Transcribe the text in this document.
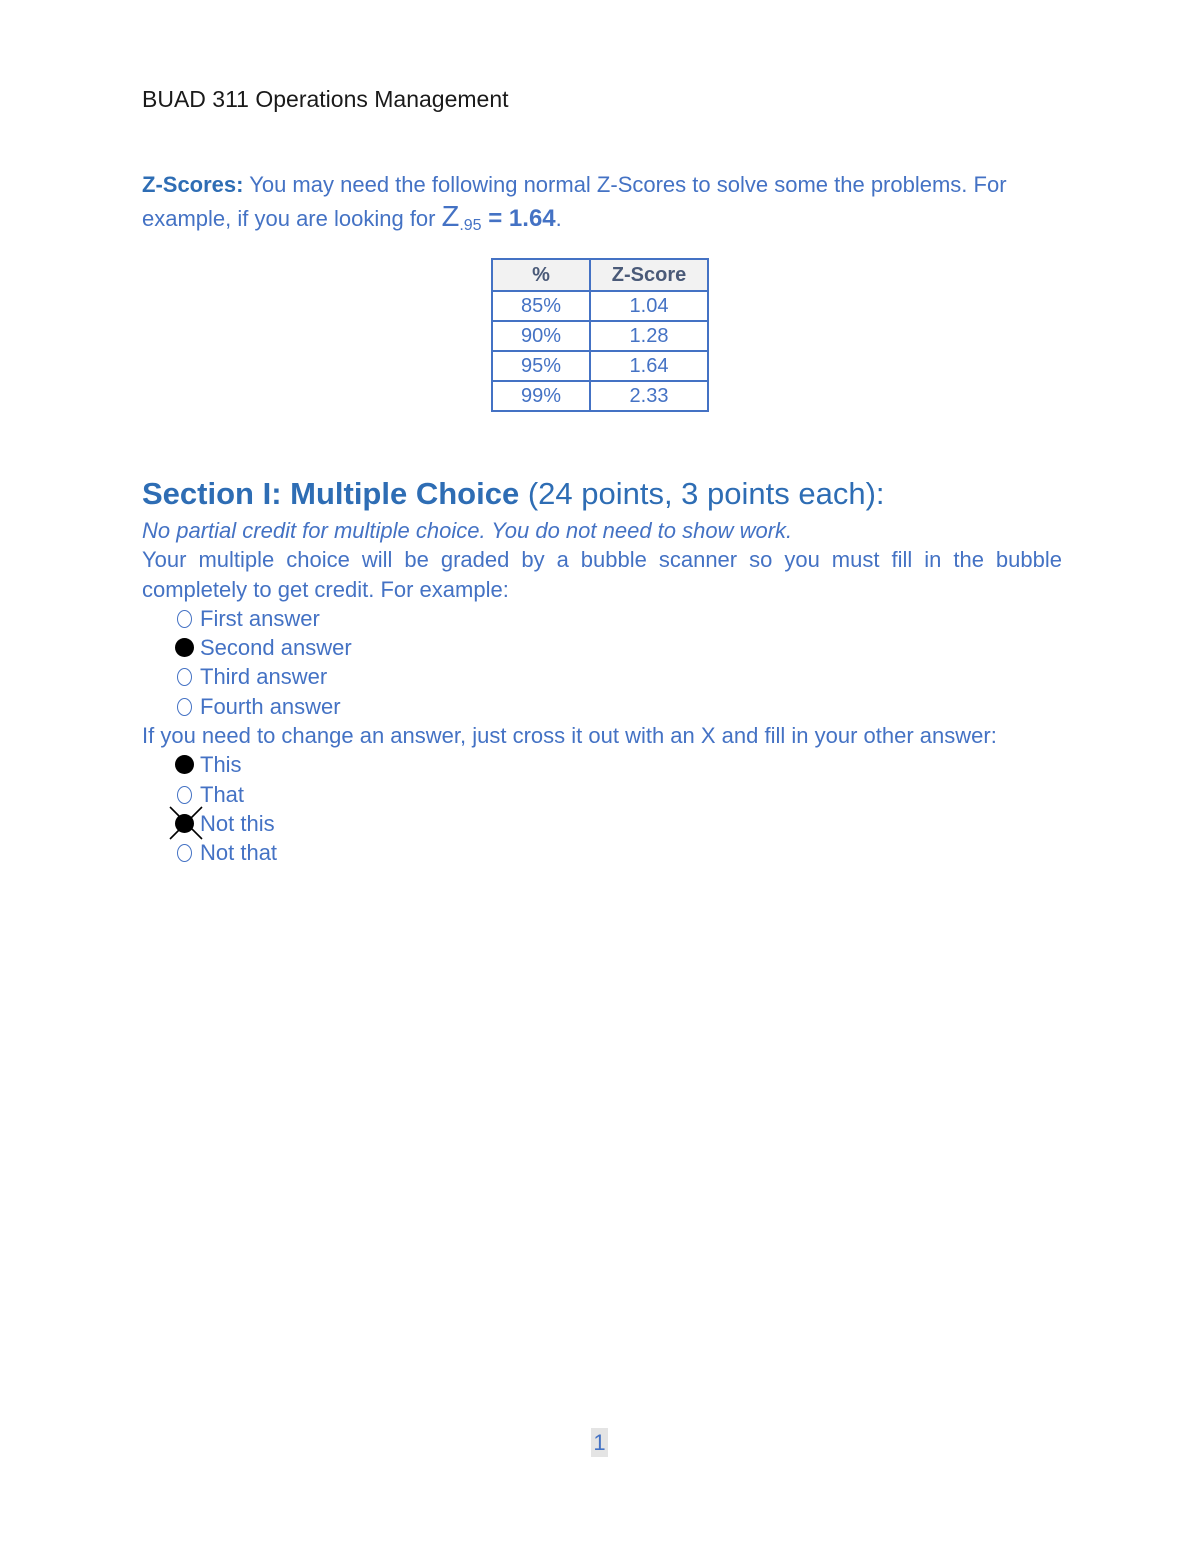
BUAD 311 Operations Management
Z-Scores: You may need the following normal Z-Scores to solve some the problems. For example, if you are looking for Z.95 = 1.64.
%	Z-Score
85%	1.04
90%	1.28
95%	1.64
99%	2.33
Section I: Multiple Choice (24 points, 3 points each):

No partial credit for multiple choice. You do not need to show work.

Your multiple choice will be graded by a bubble scanner so you must fill in the bubble completely to get credit. For example:

First answer
Second answer
Third answer
Fourth answer

If you need to change an answer, just cross it out with an X and fill in your other answer:

This
That
Not this
Not that
1
